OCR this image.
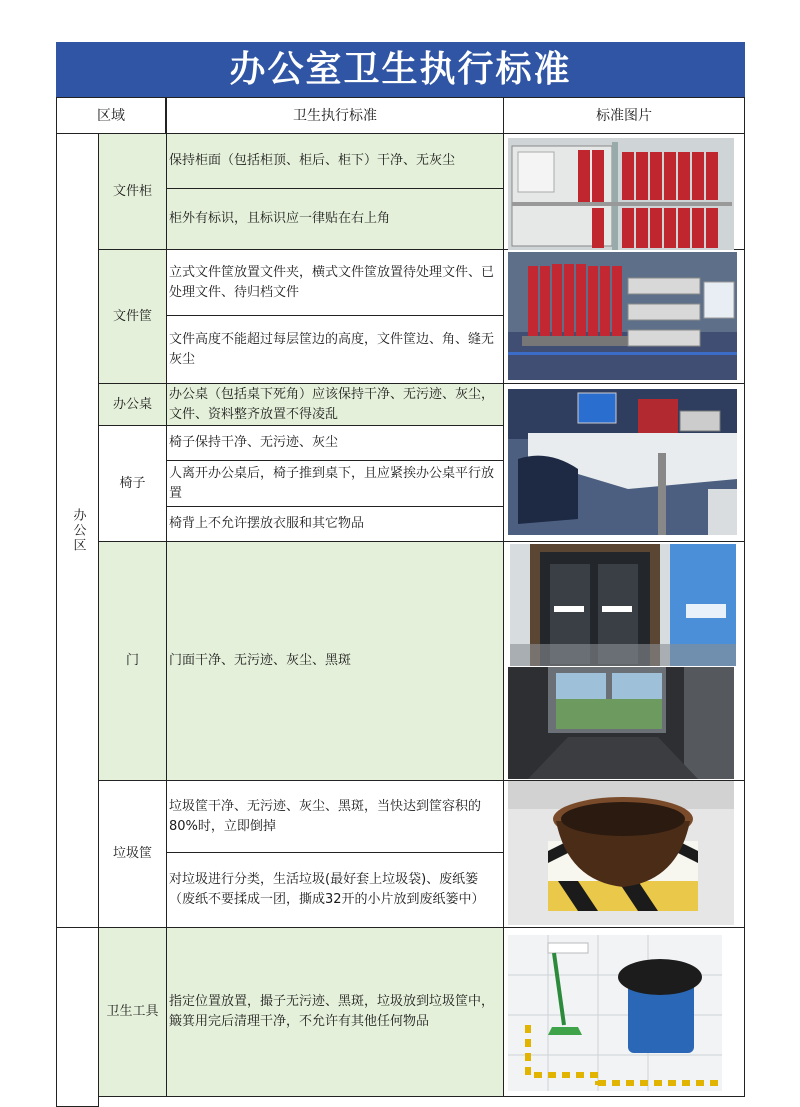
办公室卫生执行标准
区域	卫生执行标准	标准图片
办公区
文件柜
文件筐
办公桌
椅子
门
垃圾筐
卫生工具
保持柜面（包括柜顶、柜后、柜下）干净、无灰尘
柜外有标识，且标识应一律贴在右上角
立式文件筐放置文件夹，横式文件筐放置待处理文件、已处理文件、待归档文件
文件高度不能超过每层筐边的高度，文件筐边、角、缝无灰尘
办公桌（包括桌下死角）应该保持干净、无污迹、灰尘，文件、资料整齐放置不得凌乱
椅子保持干净、无污迹、灰尘
人离开办公桌后，椅子推到桌下，且应紧挨办公桌平行放置
椅背上不允许摆放衣服和其它物品
门面干净、无污迹、灰尘、黑斑
垃圾筐干净、无污迹、灰尘、黑斑，当快达到筐容积的80%时，立即倒掉
对垃圾进行分类，生活垃圾(最好套上垃圾袋)、废纸篓（废纸不要揉成一团，撕成32开的小片放到废纸篓中）
指定位置放置，撮子无污迹、黑斑，垃圾放到垃圾筐中，簸箕用完后清理干净，不允许有其他任何物品
